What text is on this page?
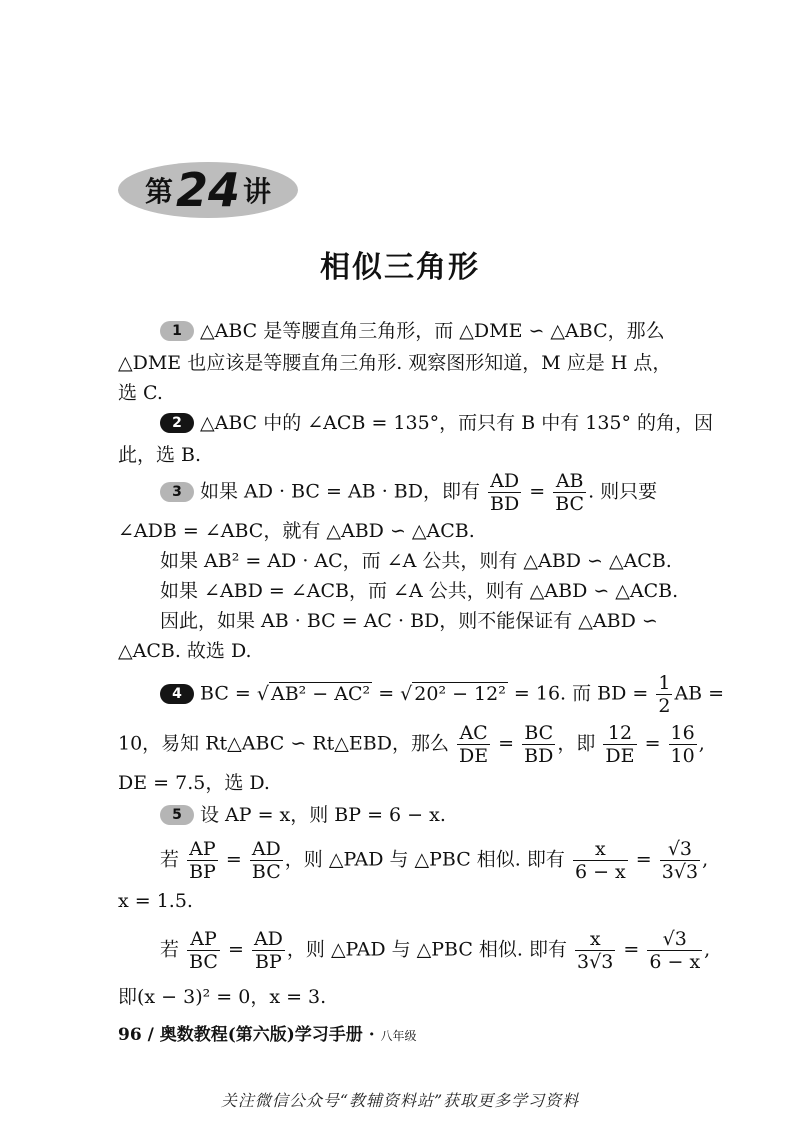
第24 讲
相似三角形
1 △ABC 是等腰直角三角形，而 △DME ∽ △ABC，那么
△DME 也应该是等腰直角三角形. 观察图形知道，M 应是 H 点，
选 C.
2 △ABC 中的 ∠ACB = 135°，而只有 B 中有 135° 的角，因
此，选 B.
3 如果 AD · BC = AB · BD，即有 $\frac{AD}{BD} = \frac{AB}{BC}$ . 则只要
∠ADB = ∠ABC，就有 △ABD ∽ △ACB.
如果 AB² = AD · AC，而 ∠A 公共，则有 △ABD ∽ △ACB.
如果 ∠ABD = ∠ACB，而 ∠A 公共，则有 △ABD ∽ △ACB.
因此，如果 AB · BC = AC · BD，则不能保证有 △ABD ∽
△ACB. 故选 D.
4 BC = √ AB² − AC² = √ 20² − 12² = 16. 而 BD = $\frac{1}{2}$ AB =
10，易知 Rt△ABC ∽ Rt△EBD，那么 $\frac{AC}{DE} = \frac{BC}{BD}$ ，即 $\frac{12}{DE} = \frac{16}{10}$ ,
DE = 7.5，选 D.
5 设 AP = x，则 BP = 6 − x.
若 $\frac{AP}{BP} = \frac{AD}{BC}$ ，则 △PAD 与 △PBC 相似. 即有 $\frac{x}{6 - x} = \frac{√3}{3√3}$ ,
x = 1.5.
若 $\frac{AP}{BC} = \frac{AD}{BP}$ ，则 △PAD 与 △PBC 相似. 即有 $\frac{x}{3√3} = \frac{√3}{6 - x}$ ,
即(x − 3)² = 0，x = 3.
96 / 奥数教程(第六版)学习手册 · 八年级
关注微信公众号“教辅资料站”获取更多学习资料
